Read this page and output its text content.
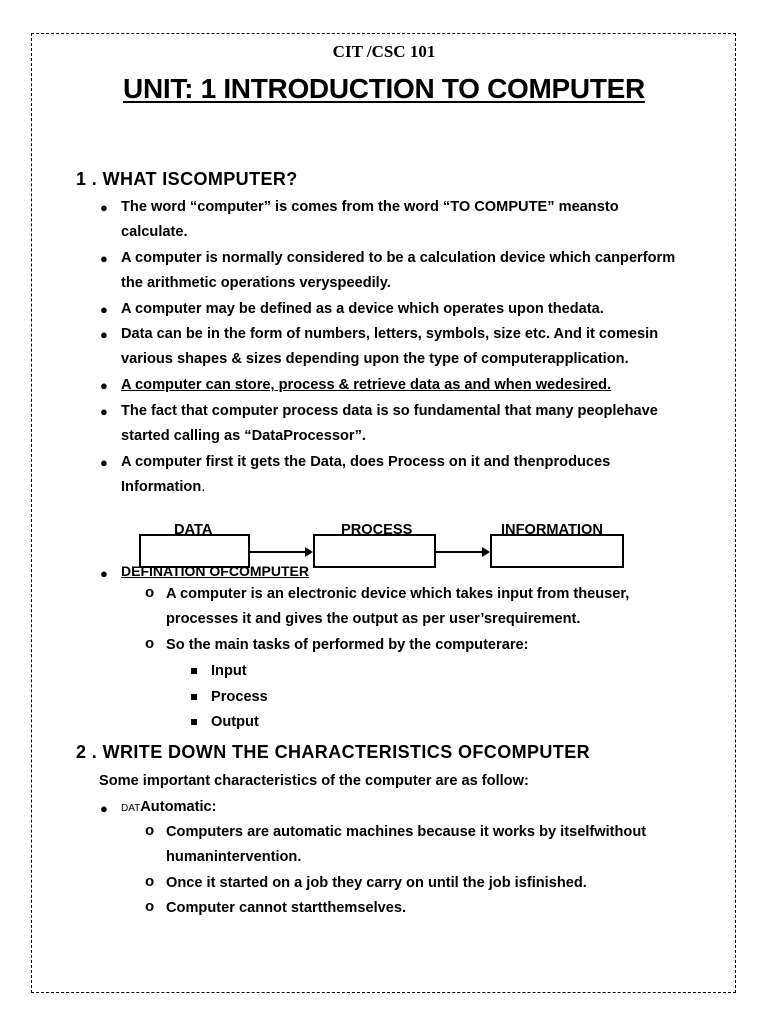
CIT /CSC 101
UNIT: 1 INTRODUCTION TO COMPUTER
1 . WHAT ISCOMPUTER?
● The word “computer” is comes from the word “TO COMPUTE” meansto
calculate.
● A computer is normally considered to be a calculation device which canperform
the arithmetic operations veryspeedily.
● A computer may be defined as a device which operates upon thedata.
● Data can be in the form of numbers, letters, symbols, size etc. And it comesin
various shapes & sizes depending upon the type of computerapplication.
● A computer can store, process & retrieve data as and when wedesired.
● The fact that computer process data is so fundamental that many peoplehave
started calling as “DataProcessor”.
● A computer first it gets the Data, does Process on it and thenproduces
Information.
DATA	PROCESS	INFORMATION
● DEFINATION OFCOMPUTER
o A computer is an electronic device which takes input from theuser,
processes it and gives the output as per user’srequirement.
o So the main tasks of performed by the computerare:
Input
Process
Output
2 . WRITE DOWN THE CHARACTERISTICS OFCOMPUTER
Some important characteristics of the computer are as follow:
● DATAutomatic:
o Computers are automatic machines because it works by itselfwithout
humanintervention.
o Once it started on a job they carry on until the job isfinished.
o Computer cannot startthemselves.
